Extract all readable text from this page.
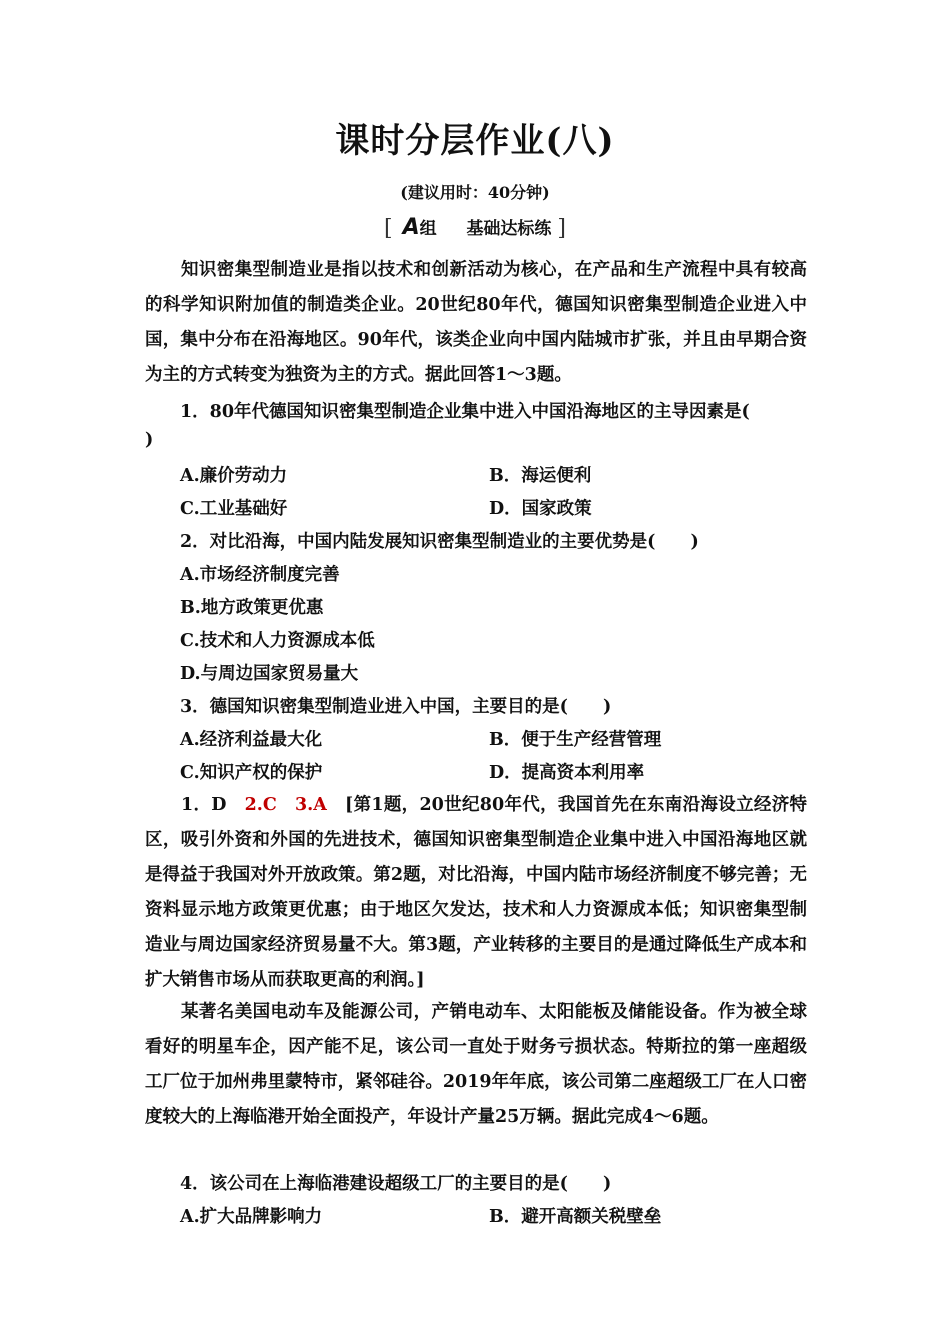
课时分层作业(八)
(建议用时：40分钟)
[ A组 基础达标练 ]

知识密集型制造业是指以技术和创新活动为核心，在产品和生产流程中具有较高的科学知识附加值的制造类企业。20世纪80年代，德国知识密集型制造企业进入中国，集中分布在沿海地区。90年代，该类企业向中国内陆城市扩张，并且由早期合资为主的方式转变为独资为主的方式。据此回答1～3题。

1．80年代德国知识密集型制造企业集中进入中国沿海地区的主导因素是(
)
A.廉价劳动力	B．海运便利
C.工业基础好	D．国家政策
2．对比沿海，中国内陆发展知识密集型制造业的主要优势是(　　)
A.市场经济制度完善
B.地方政策更优惠
C.技术和人力资源成本低
D.与周边国家贸易量大
3．德国知识密集型制造业进入中国，主要目的是(　　)
A.经济利益最大化	B．便于生产经营管理
C.知识产权的保护	D．提高资本利用率

1．D　 2.C　 3.A　 [第1题，20世纪80年代，我国首先在东南沿海设立经济特区，吸引外资和外国的先进技术，德国知识密集型制造企业集中进入中国沿海地区就是得益于我国对外开放政策。第2题，对比沿海，中国内陆市场经济制度不够完善；无资料显示地方政策更优惠；由于地区欠发达，技术和人力资源成本低；知识密集型制造业与周边国家经济贸易量不大。第3题，产业转移的主要目的是通过降低生产成本和扩大销售市场从而获取更高的利润。]

某著名美国电动车及能源公司，产销电动车、太阳能板及储能设备。作为被全球看好的明星车企，因产能不足，该公司一直处于财务亏损状态。特斯拉的第一座超级工厂位于加州弗里蒙特市，紧邻硅谷。2019年年底，该公司第二座超级工厂在人口密度较大的上海临港开始全面投产，年设计产量25万辆。据此完成4～6题。

4．该公司在上海临港建设超级工厂的主要目的是(　　)
A.扩大品牌影响力	B．避开高额关税壁垒
